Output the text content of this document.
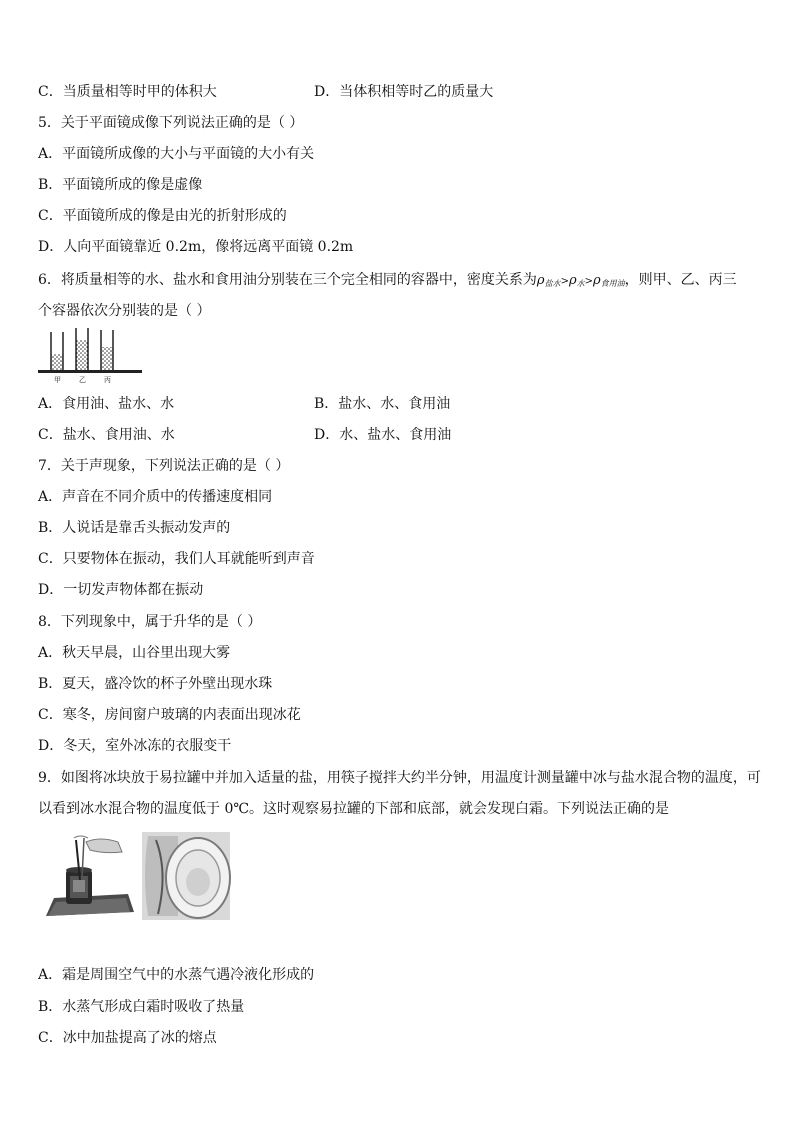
C．当质量相等时甲的体积大	D．当体积相等时乙的质量大
5．关于平面镜成像下列说法正确的是（ ）
A．平面镜所成像的大小与平面镜的大小有关
B．平面镜所成的像是虚像
C．平面镜所成的像是由光的折射形成的
D．人向平面镜靠近 0.2m，像将远离平面镜 0.2m
6．将质量相等的水、盐水和食用油分别装在三个完全相同的容器中，密度关系为ρ盐水>ρ水>ρ食用油，则甲、乙、丙三
个容器依次分别装的是（ ）
甲	乙	丙
A．食用油、盐水、水	B．盐水、水、食用油
C．盐水、食用油、水	D．水、盐水、食用油
7．关于声现象，下列说法正确的是（ ）
A．声音在不同介质中的传播速度相同
B．人说话是靠舌头振动发声的
C．只要物体在振动，我们人耳就能听到声音
D．一切发声物体都在振动
8．下列现象中，属于升华的是（ ）
A．秋天早晨，山谷里出现大雾
B．夏天，盛冷饮的杯子外壁出现水珠
C．寒冬，房间窗户玻璃的内表面出现冰花
D．冬天，室外冰冻的衣服变干
9．如图将冰块放于易拉罐中并加入适量的盐，用筷子搅拌大约半分钟，用温度计测量罐中冰与盐水混合物的温度，可
以看到冰水混合物的温度低于 0℃。这时观察易拉罐的下部和底部，就会发现白霜。下列说法正确的是
A．霜是周围空气中的水蒸气遇冷液化形成的
B．水蒸气形成白霜时吸收了热量
C．冰中加盐提高了冰的熔点
